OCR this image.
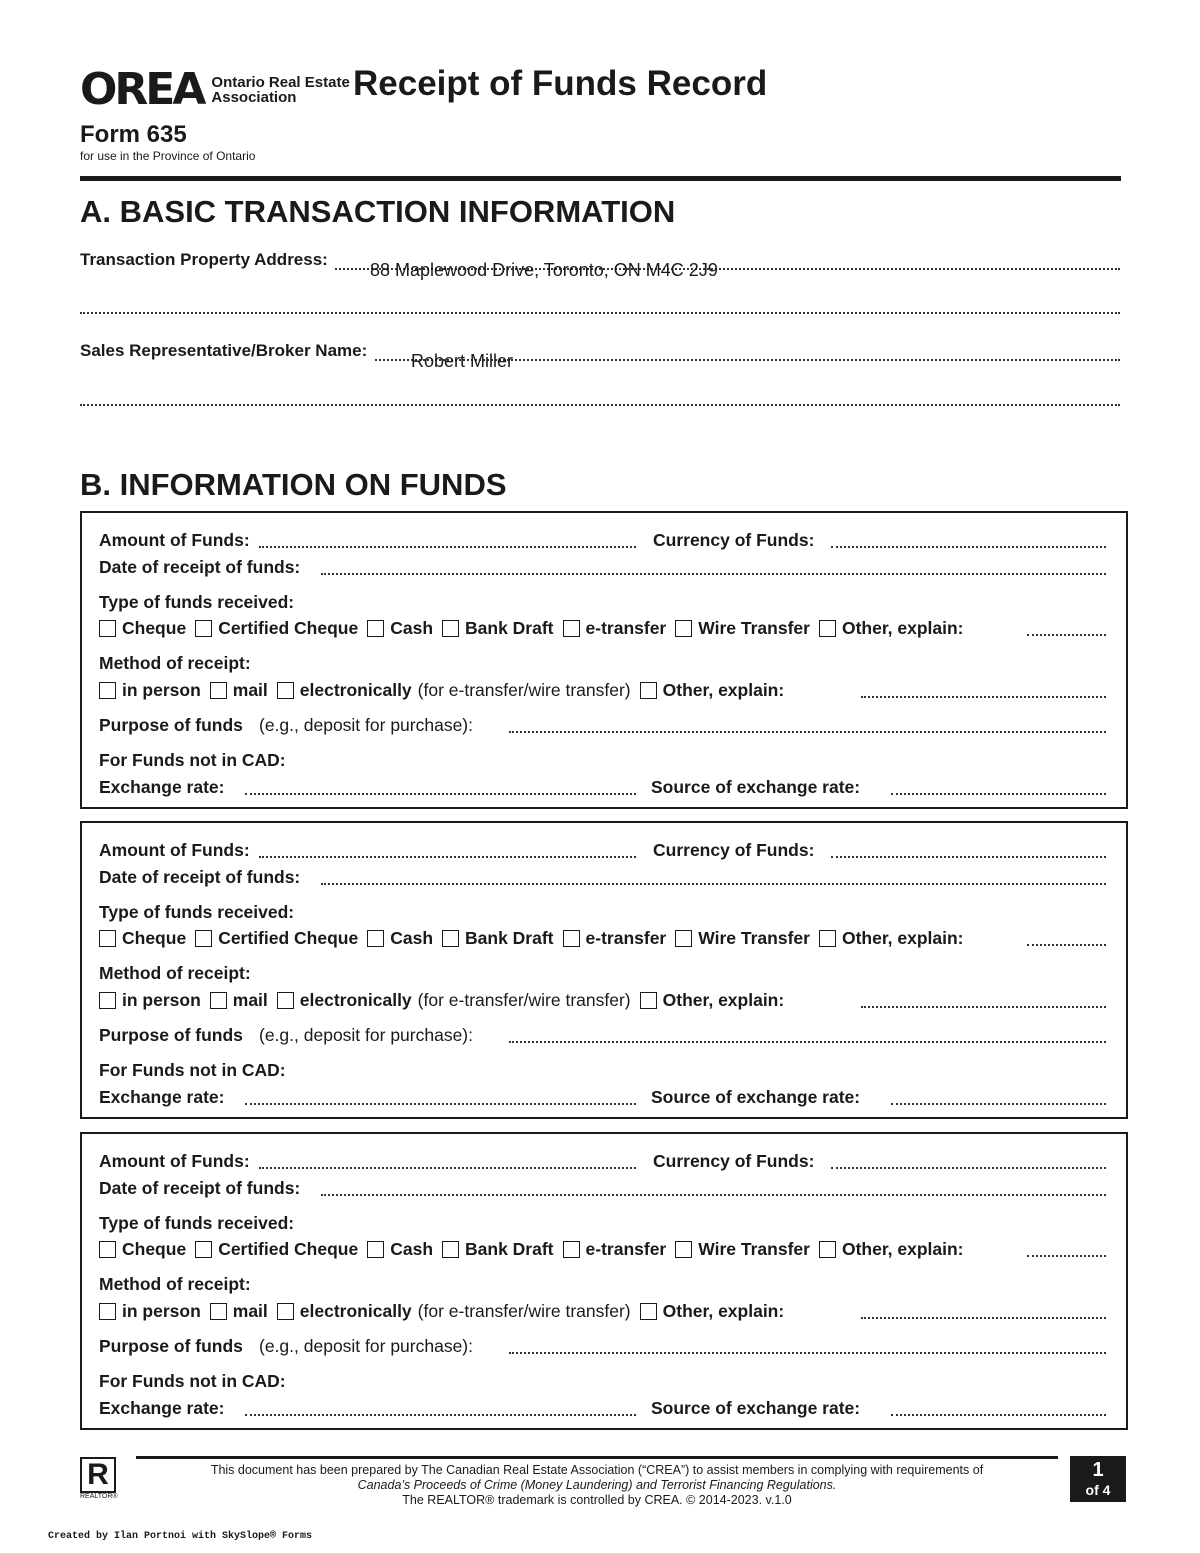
OREA Ontario Real Estate Association	Receipt of Funds Record
Form 635
for use in the Province of Ontario
A. BASIC TRANSACTION INFORMATION
Transaction Property Address:
88 Maplewood Drive, Toronto, ON M4C 2J9
Sales Representative/Broker Name:
Robert Miller
B. INFORMATION ON FUNDS
Amount of Funds:	Currency of Funds:
Date of receipt of funds:
Type of funds received:
Cheque Certified Cheque Cash Bank Draft e-transfer Wire Transfer Other, explain:
Method of receipt:
in person mail electronically (for e-transfer/wire transfer) Other, explain:
Purpose of funds (e.g., deposit for purchase):
For Funds not in CAD:
Exchange rate:	Source of exchange rate:
Amount of Funds:	Currency of Funds:
Date of receipt of funds:
Type of funds received:
Cheque Certified Cheque Cash Bank Draft e-transfer Wire Transfer Other, explain:
Method of receipt:
in person mail electronically (for e-transfer/wire transfer) Other, explain:
Purpose of funds (e.g., deposit for purchase):
For Funds not in CAD:
Exchange rate:	Source of exchange rate:
Amount of Funds:	Currency of Funds:
Date of receipt of funds:
Type of funds received:
Cheque Certified Cheque Cash Bank Draft e-transfer Wire Transfer Other, explain:
Method of receipt:
in person mail electronically (for e-transfer/wire transfer) Other, explain:
Purpose of funds (e.g., deposit for purchase):
For Funds not in CAD:
Exchange rate:	Source of exchange rate:
R
REALTOR®
This document has been prepared by The Canadian Real Estate Association (“CREA”) to assist members in complying with requirements of
Canada’s Proceeds of Crime (Money Laundering) and Terrorist Financing Regulations.
The REALTOR® trademark is controlled by CREA. © 2014-2023. v.1.0
1
of 4
Created by Ilan Portnoi with SkySlope® Forms
